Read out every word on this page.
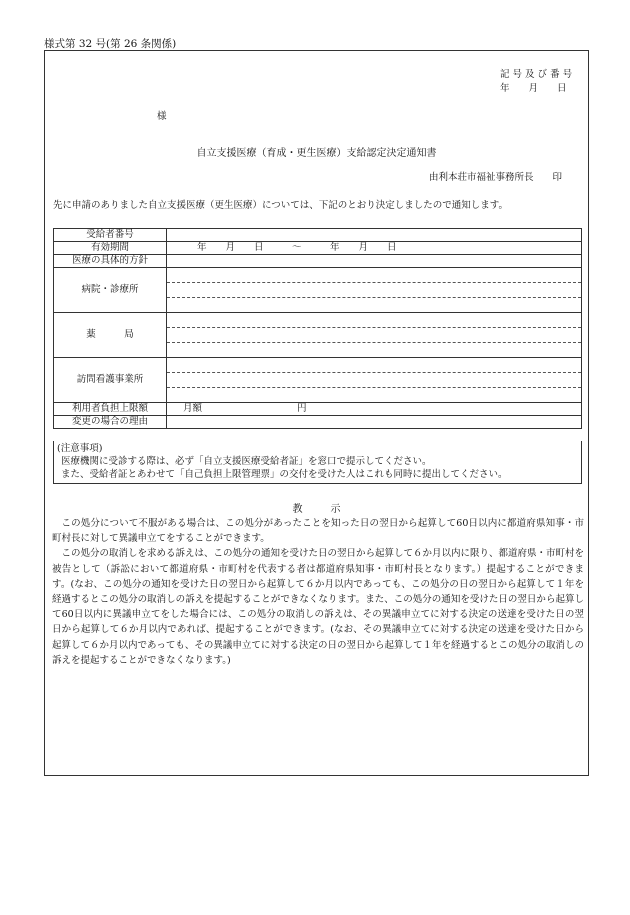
様式第 32 号(第 26 条関係)
記 号 及 び 番 号
年　　月　　日
様
自立支援医療（育成・更生医療）支給認定決定通知書
由利本荘市福祉事務所長　　印
先に申請のありました自立支援医療（更生医療）については、下記のとおり決定しましたので通知します。
受給者番号	
有効期間	年　　月　　日　　　～　　　年　　月　　日
医療の具体的方針	
病院・診療所	

薬　　　局	

訪問看護事業所	

利用者負担上限額	月額　　　　　　　　　　円
変更の場合の理由	
(注意事項)
医療機関に受診する際は、必ず「自立支援医療受給者証」を窓口で提示してください。
また、受給者証とあわせて「自己負担上限管理票」の交付を受けた人はこれも同時に提出してください。
教示

この処分について不服がある場合は、この処分があったことを知った日の翌日から起算して60日以内に都道府県知事・市町村長に対して異議申立てをすることができます。

この処分の取消しを求める訴えは、この処分の通知を受けた日の翌日から起算して６か月以内に限り、都道府県・市町村を被告として（訴訟において都道府県・市町村を代表する者は都道府県知事・市町村長となります。）提起することができます。(なお、この処分の通知を受けた日の翌日から起算して６か月以内であっても、この処分の日の翌日から起算して１年を経過するとこの処分の取消しの訴えを提起することができなくなります。また、この処分の通知を受けた日の翌日から起算して60日以内に異議申立てをした場合には、この処分の取消しの訴えは、その異議申立てに対する決定の送達を受けた日の翌日から起算して６か月以内であれば、提起することができます。(なお、その異議申立てに対する決定の送達を受けた日から起算して６か月以内であっても、その異議申立てに対する決定の日の翌日から起算して１年を経過するとこの処分の取消しの訴えを提起することができなくなります。)
